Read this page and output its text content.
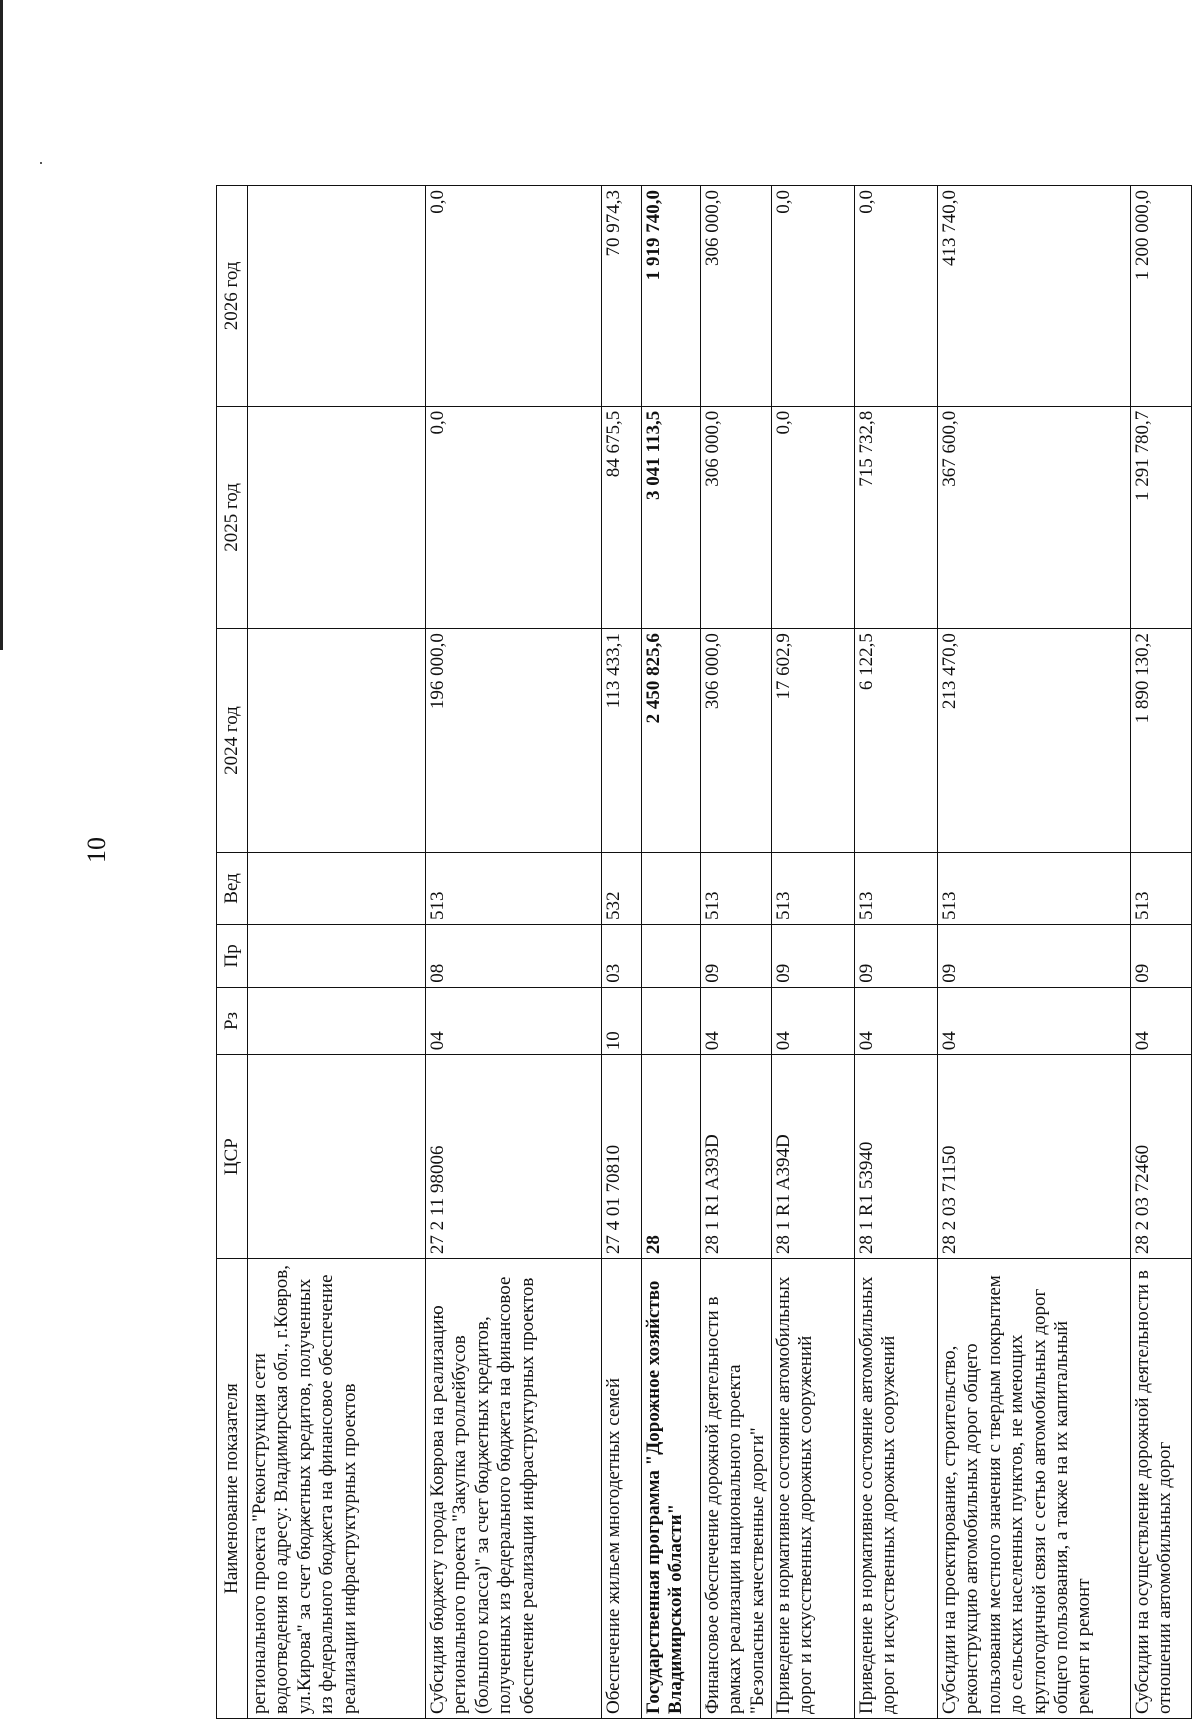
10
Наименование показателя	ЦСР	Рз	Пр	Вед	2024 год	2025 год	2026 год
регионального проекта "Реконструкция сети водоотведения по адресу: Владимирская обл., г.Ковров, ул.Кирова" за счет бюджетных кредитов, полученных из федерального бюджета на финансовое обеспечение реализации инфраструктурных проектов							
Субсидия бюджету города Коврова на реализацию регионального проекта "Закупка троллейбусов (большого класса)" за счет бюджетных кредитов, полученных из федерального бюджета на финансовое обеспечение реализации инфраструктурных проектов	27 2 11 98006	04	08	513	196 000,0	0,0	0,0
Обеспечение жильем многодетных семей	27 4 01 70810	10	03	532	113 433,1	84 675,5	70 974,3
Государственная программа "Дорожное хозяйство Владимирской области"	28				2 450 825,6	3 041 113,5	1 919 740,0
Финансовое обеспечение дорожной деятельности в рамках реализации национального проекта "Безопасные качественные дороги"	28 1 R1 A393D	04	09	513	306 000,0	306 000,0	306 000,0
Приведение в нормативное состояние автомобильных дорог и искусственных дорожных сооружений	28 1 R1 A394D	04	09	513	17 602,9	0,0	0,0
Приведение в нормативное состояние автомобильных дорог и искусственных дорожных сооружений	28 1 R1 53940	04	09	513	6 122,5	715 732,8	0,0
Субсидии на проектирование, строительство, реконструкцию автомобильных дорог общего пользования местного значения с твердым покрытием до сельских населенных пунктов, не имеющих круглогодичной связи с сетью автомобильных дорог общего пользования, а также на их капитальный ремонт и ремонт	28 2 03 71150	04	09	513	213 470,0	367 600,0	413 740,0
Субсидии на осуществление дорожной деятельности в отношении автомобильных дорог	28 2 03 72460	04	09	513	1 890 130,2	1 291 780,7	1 200 000,0
